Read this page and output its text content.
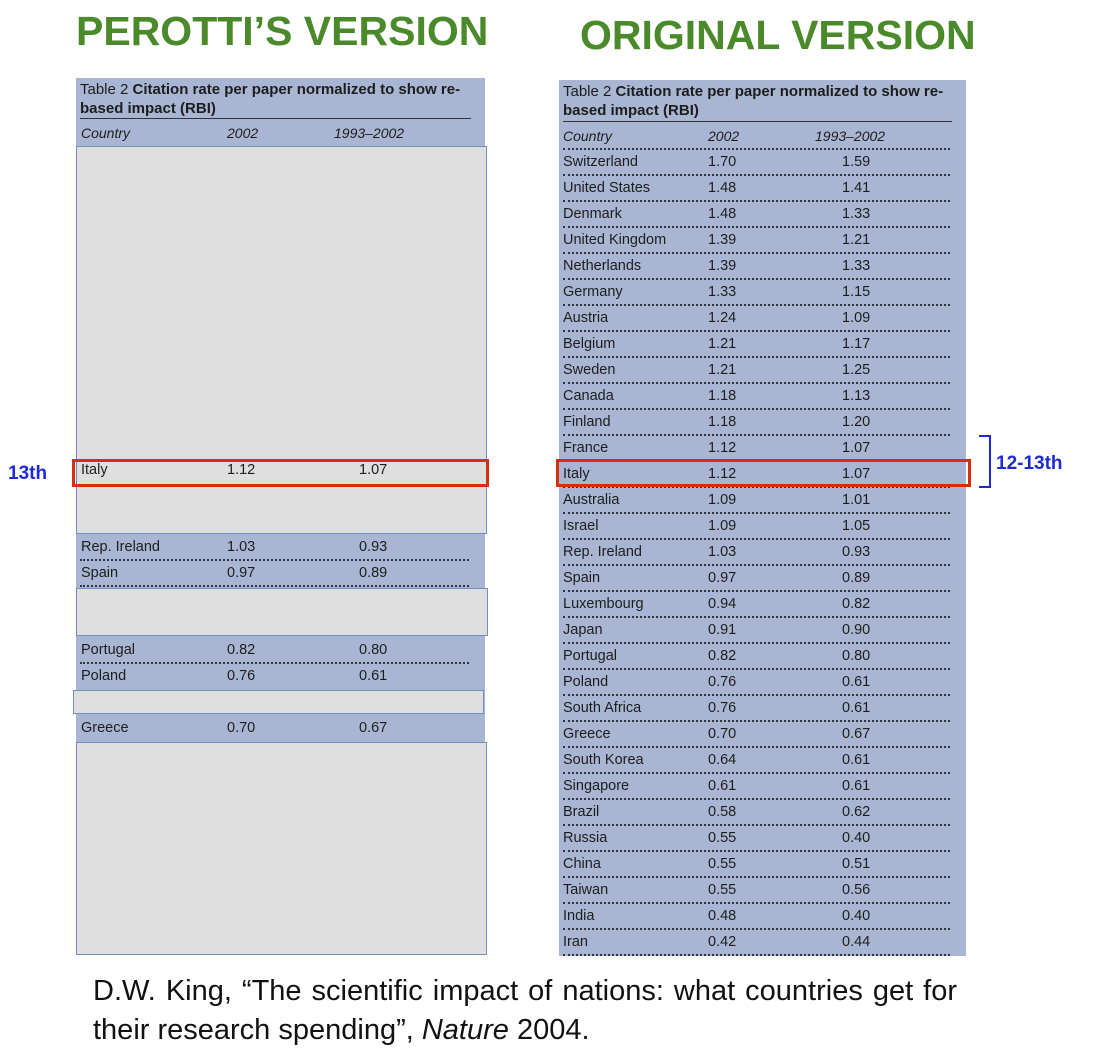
PEROTTI’S VERSION ORIGINAL VERSION
Table 2 Citation rate per paper normalized to show re-based impact (RBI)
Country	2002	1993–2002
Italy	1.12	1.07
Rep. Ireland	1.03	0.93
Spain	0.97	0.89
Portugal	0.82	0.80
Poland	0.76	0.61
Greece	0.70	0.67
13th
Table 2 Citation rate per paper normalized to show re-based impact (RBI)
Country	2002	1993–2002
Switzerland	1.70	1.59
United States	1.48	1.41
Denmark	1.48	1.33
United Kingdom	1.39	1.21
Netherlands	1.39	1.33
Germany	1.33	1.15
Austria	1.24	1.09
Belgium	1.21	1.17
Sweden	1.21	1.25
Canada	1.18	1.13
Finland	1.18	1.20
France	1.12	1.07
Italy	1.12	1.07
Australia	1.09	1.01
Israel	1.09	1.05
Rep. Ireland	1.03	0.93
Spain	0.97	0.89
Luxembourg	0.94	0.82
Japan	0.91	0.90
Portugal	0.82	0.80
Poland	0.76	0.61
South Africa	0.76	0.61
Greece	0.70	0.67
South Korea	0.64	0.61
Singapore	0.61	0.61
Brazil	0.58	0.62
Russia	0.55	0.40
China	0.55	0.51
Taiwan	0.55	0.56
India	0.48	0.40
Iran	0.42	0.44
12-13th

D.W. King, “The scientific impact of nations: what countries get for their research spending”, Nature 2004.
